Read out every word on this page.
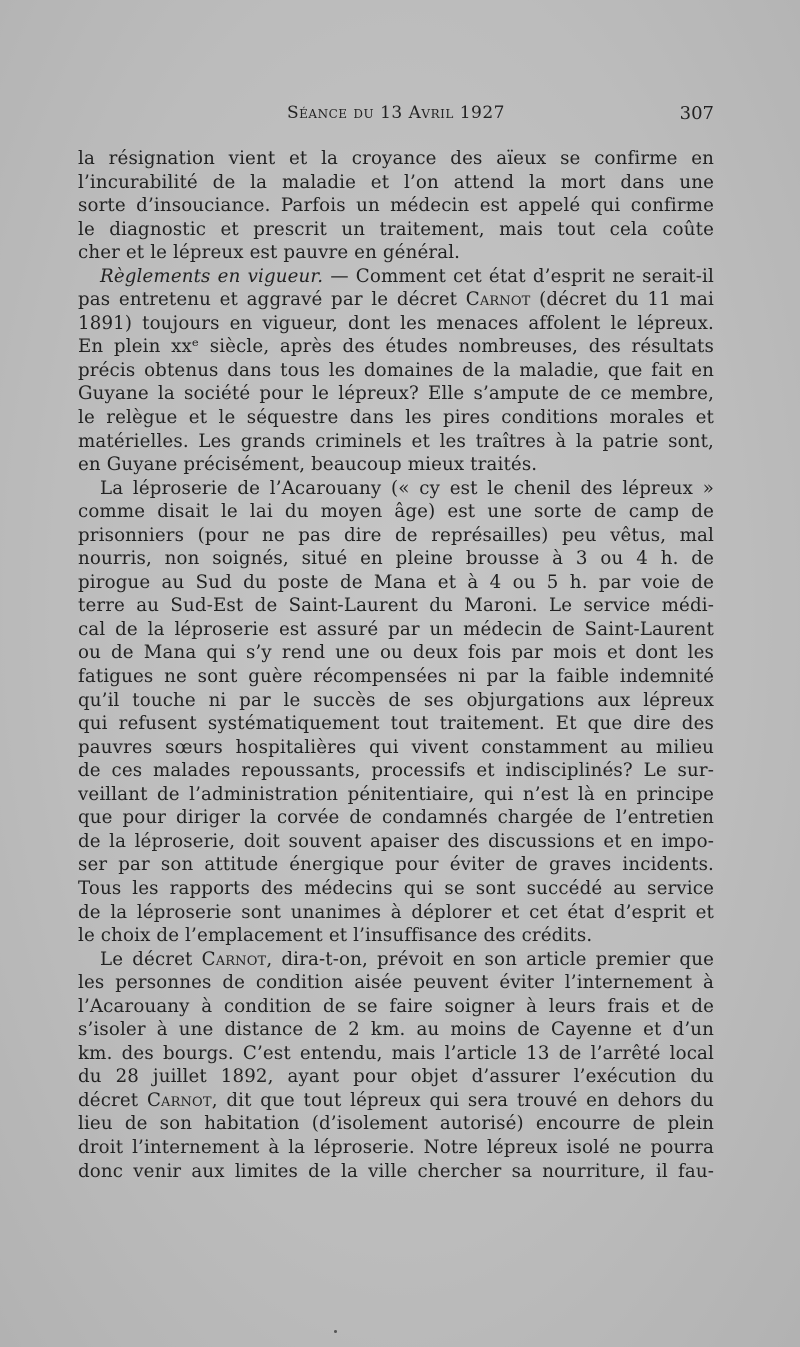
Séance du 13 Avril 1927	307
la résignation vient et la croyance des aïeux se confirme en
l’incurabilité de la maladie et l’on attend la mort dans une
sorte d’insouciance. Parfois un médecin est appelé qui confirme
le diagnostic et prescrit un traitement, mais tout cela coûte
cher et le lépreux est pauvre en général.
Règlements en vigueur. — Comment cet état d’esprit ne serait-il
pas entretenu et aggravé par le décret Carnot (décret du 11 mai
1891) toujours en vigueur, dont les menaces affolent le lépreux.
En plein xxᵉ siècle, après des études nombreuses, des résultats
précis obtenus dans tous les domaines de la maladie, que fait en
Guyane la société pour le lépreux? Elle s’ampute de ce membre,
le relègue et le séquestre dans les pires conditions morales et
matérielles. Les grands criminels et les traîtres à la patrie sont,
en Guyane précisément, beaucoup mieux traités.
La léproserie de l’Acarouany (« cy est le chenil des lépreux »
comme disait le lai du moyen âge) est une sorte de camp de
prisonniers (pour ne pas dire de représailles) peu vêtus, mal
nourris, non soignés, situé en pleine brousse à 3 ou 4 h. de
pirogue au Sud du poste de Mana et à 4 ou 5 h. par voie de
terre au Sud-Est de Saint-Laurent du Maroni. Le service médi-
cal de la léproserie est assuré par un médecin de Saint-Laurent
ou de Mana qui s’y rend une ou deux fois par mois et dont les
fatigues ne sont guère récompensées ni par la faible indemnité
qu’il touche ni par le succès de ses objurgations aux lépreux
qui refusent systématiquement tout traitement. Et que dire des
pauvres sœurs hospitalières qui vivent constamment au milieu
de ces malades repoussants, processifs et indisciplinés? Le sur-
veillant de l’administration pénitentiaire, qui n’est là en principe
que pour diriger la corvée de condamnés chargée de l’entretien
de la léproserie, doit souvent apaiser des discussions et en impo-
ser par son attitude énergique pour éviter de graves incidents.
Tous les rapports des médecins qui se sont succédé au service
de la léproserie sont unanimes à déplorer et cet état d’esprit et
le choix de l’emplacement et l’insuffisance des crédits.
Le décret Carnot, dira-t-on, prévoit en son article premier que
les personnes de condition aisée peuvent éviter l’internement à
l’Acarouany à condition de se faire soigner à leurs frais et de
s’isoler à une distance de 2 km. au moins de Cayenne et d’un
km. des bourgs. C’est entendu, mais l’article 13 de l’arrêté local
du 28 juillet 1892, ayant pour objet d’assurer l’exécution du
décret Carnot, dit que tout lépreux qui sera trouvé en dehors du
lieu de son habitation (d’isolement autorisé) encourre de plein
droit l’internement à la léproserie. Notre lépreux isolé ne pourra
donc venir aux limites de la ville chercher sa nourriture, il fau-
